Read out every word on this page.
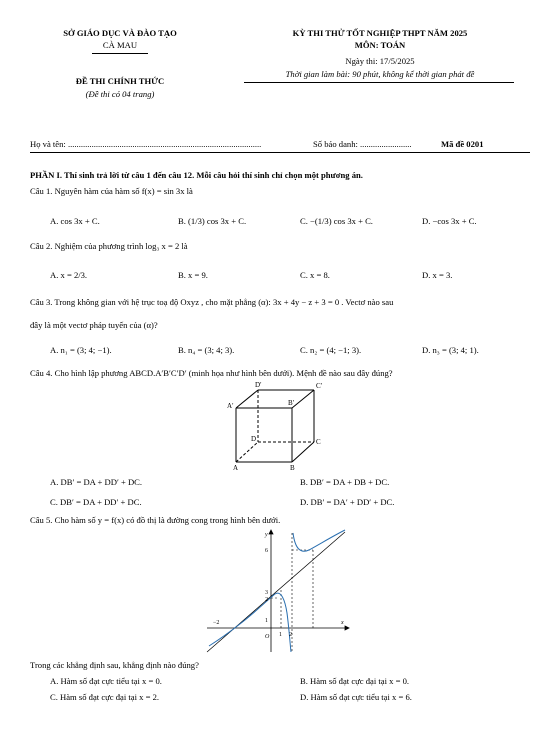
SỞ GIÁO DỤC VÀ ĐÀO TẠO
CÀ MAU
ĐỀ THI CHÍNH THỨC
(Đề thi có 04 trang)
KỲ THI THỬ TỐT NGHIỆP THPT NĂM 2025
MÔN: TOÁN
Ngày thi: 17/5/2025
Thời gian làm bài: 90 phút, không kể thời gian phát đề
Họ và tên: ..........................................................................................	Số báo danh: ........................	Mã đề 0201
PHẦN I. Thí sinh trả lời từ câu 1 đến câu 12. Mỗi câu hỏi thí sinh chỉ chọn một phương án.
Câu 1. Nguyên hàm của hàm số f(x) = sin 3x là
A. cos 3x + C.	B. (1/3) cos 3x + C.	C. −(1/3) cos 3x + C.	D. −cos 3x + C.
Câu 2. Nghiệm của phương trình log₃ x = 2 là
A. x = 2/3.	B. x = 9.	C. x = 8.	D. x = 3.
Câu 3. Trong không gian với hệ trục toạ độ Oxyz , cho mặt phẳng (α): 3x + 4y − z + 3 = 0 . Vectơ nào sau
đây là một vectơ pháp tuyến của (α)?
A. n₁ = (3; 4; −1).	B. n₄ = (3; 4; 3).	C. n₂ = (4; −1; 3).	D. n₃ = (3; 4; 1).
Câu 4. Cho hình lập phương ABCD.A′B′C′D′ (minh họa như hình bên dưới). Mệnh đề nào sau đây đúng?
D′	C′
A′	B′
D	C
A	B
A. DB′ = DA + DD′ + DC.	B. DB′ = DA + DB + DC.
C. DB′ = DA + DD′ + DC.	D. DB′ = DA′ + DD′ + DC.
Câu 5. Cho hàm số y = f(x) có đồ thị là đường cong trong hình bên dưới.
y
x
O
6
3
2
1
−2
1 2
Trong các khẳng định sau, khẳng định nào đúng?
A. Hàm số đạt cực tiểu tại x = 0.	B. Hàm số đạt cực đại tại x = 0.
C. Hàm số đạt cực đại tại x = 2.	D. Hàm số đạt cực tiểu tại x = 6.
